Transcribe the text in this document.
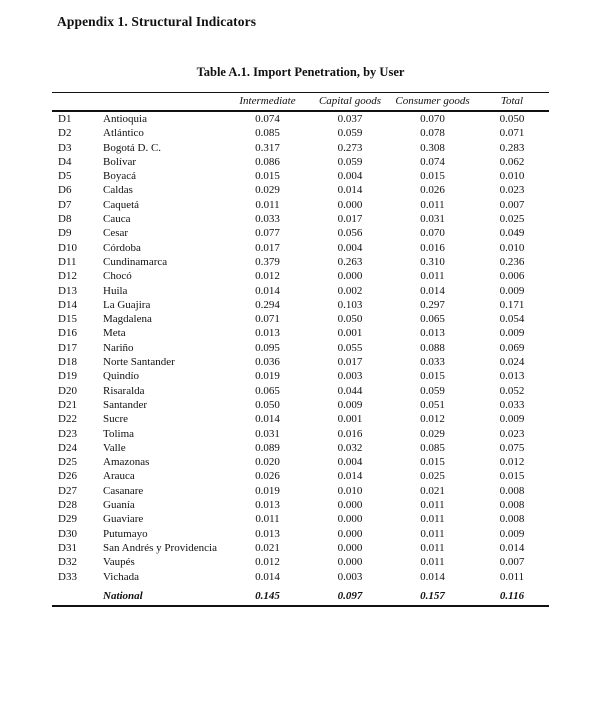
Appendix 1. Structural Indicators
Table A.1. Import Penetration, by User
		Intermediate	Capital goods	Consumer goods	Total
D1	Antioquia	0.074	0.037	0.070	0.050
D2	Atlántico	0.085	0.059	0.078	0.071
D3	Bogotá D. C.	0.317	0.273	0.308	0.283
D4	Bolívar	0.086	0.059	0.074	0.062
D5	Boyacá	0.015	0.004	0.015	0.010
D6	Caldas	0.029	0.014	0.026	0.023
D7	Caquetá	0.011	0.000	0.011	0.007
D8	Cauca	0.033	0.017	0.031	0.025
D9	Cesar	0.077	0.056	0.070	0.049
D10	Córdoba	0.017	0.004	0.016	0.010
D11	Cundinamarca	0.379	0.263	0.310	0.236
D12	Chocó	0.012	0.000	0.011	0.006
D13	Huila	0.014	0.002	0.014	0.009
D14	La Guajira	0.294	0.103	0.297	0.171
D15	Magdalena	0.071	0.050	0.065	0.054
D16	Meta	0.013	0.001	0.013	0.009
D17	Nariño	0.095	0.055	0.088	0.069
D18	Norte Santander	0.036	0.017	0.033	0.024
D19	Quindío	0.019	0.003	0.015	0.013
D20	Risaralda	0.065	0.044	0.059	0.052
D21	Santander	0.050	0.009	0.051	0.033
D22	Sucre	0.014	0.001	0.012	0.009
D23	Tolima	0.031	0.016	0.029	0.023
D24	Valle	0.089	0.032	0.085	0.075
D25	Amazonas	0.020	0.004	0.015	0.012
D26	Arauca	0.026	0.014	0.025	0.015
D27	Casanare	0.019	0.010	0.021	0.008
D28	Guanía	0.013	0.000	0.011	0.008
D29	Guaviare	0.011	0.000	0.011	0.008
D30	Putumayo	0.013	0.000	0.011	0.009
D31	San Andrés y Providencia	0.021	0.000	0.011	0.014
D32	Vaupés	0.012	0.000	0.011	0.007
D33	Vichada	0.014	0.003	0.014	0.011
	National	0.145	0.097	0.157	0.116
